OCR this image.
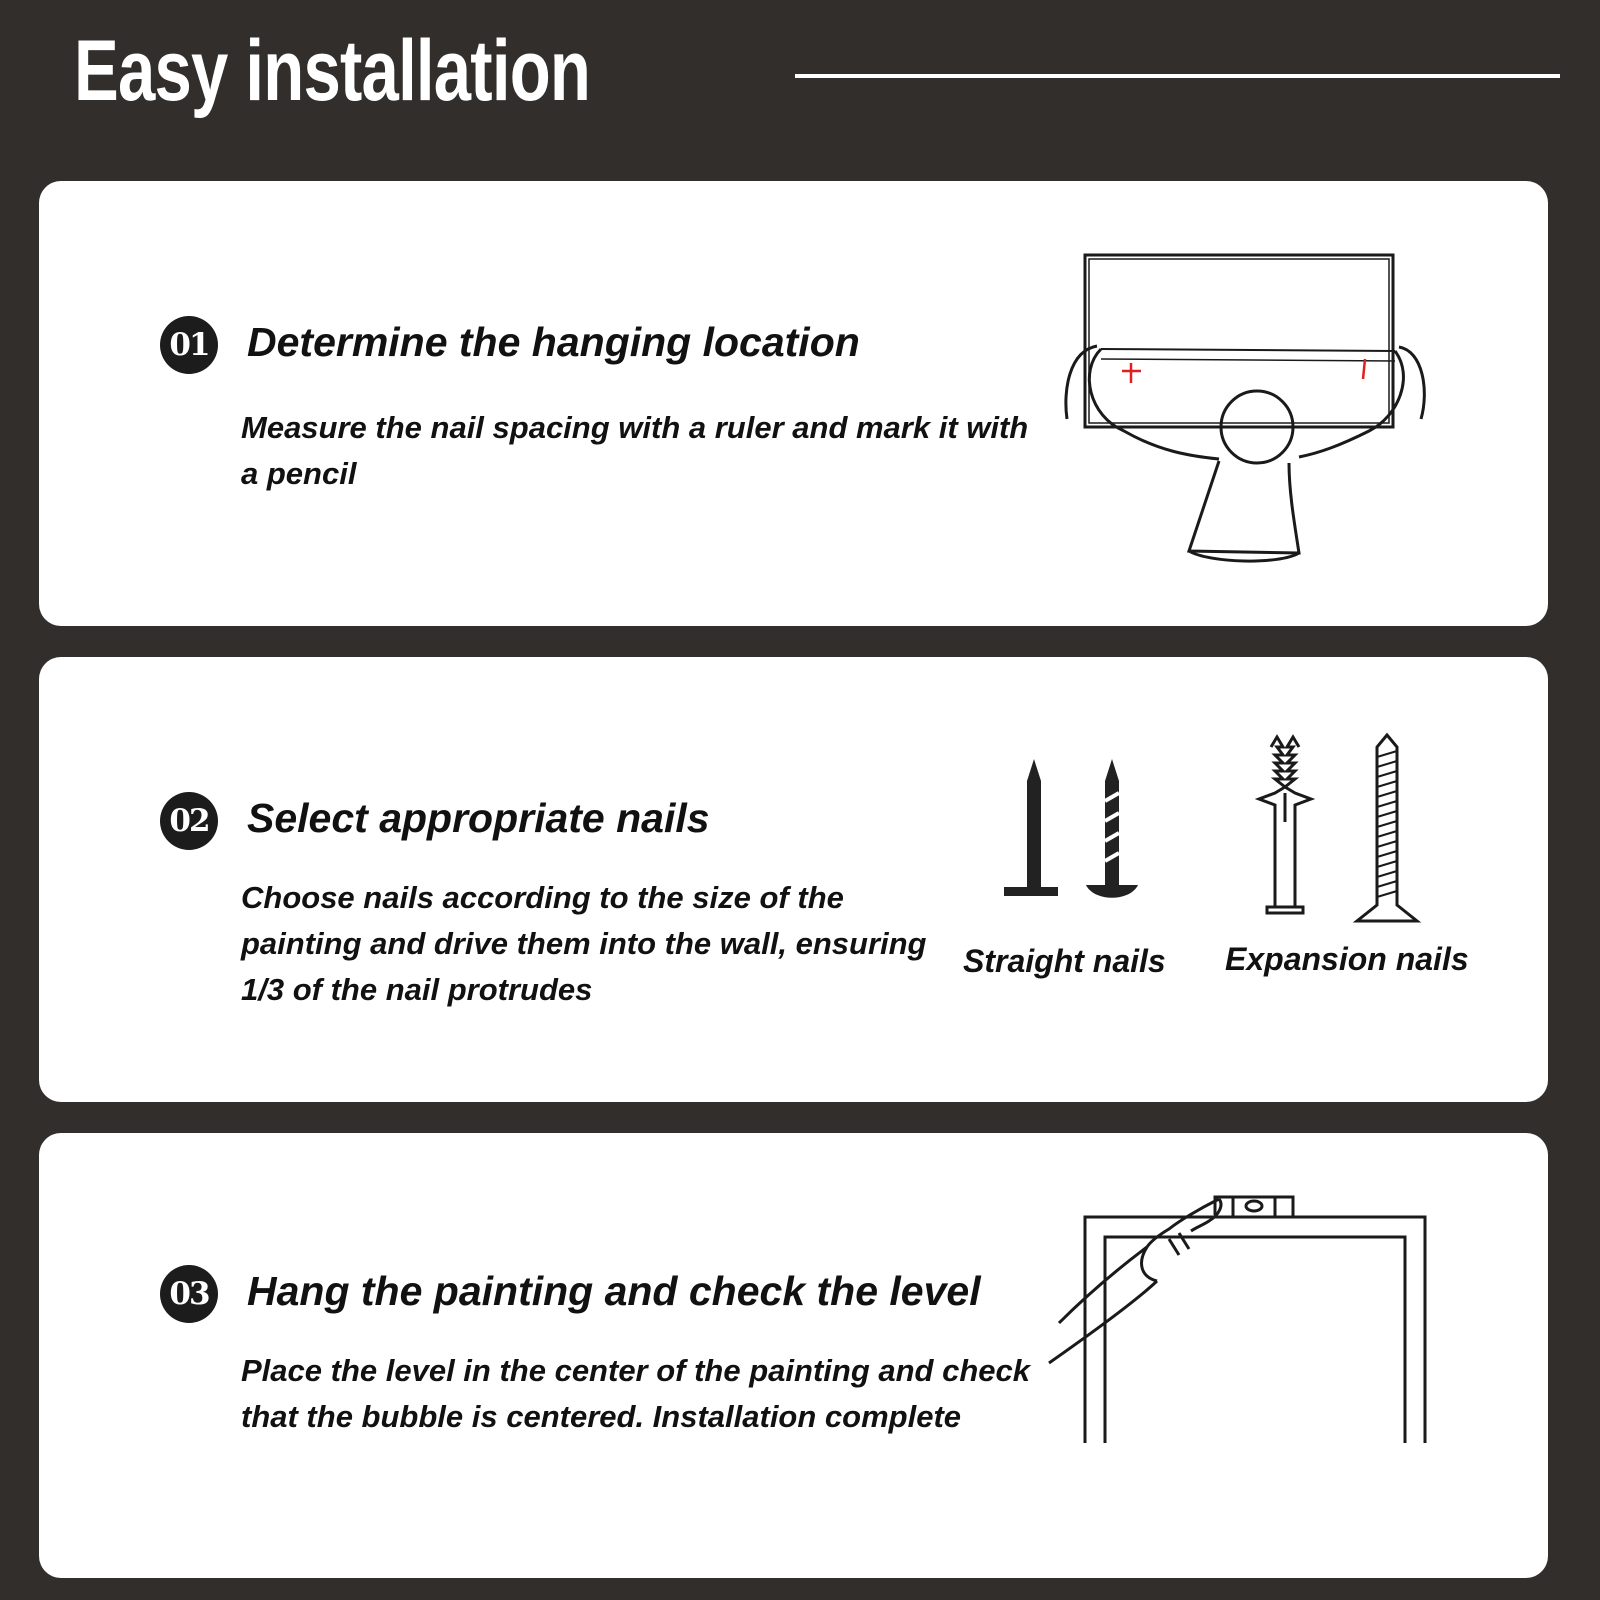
Easy installation
01 Determine the hanging location
Measure the nail spacing with a ruler and mark it with a pencil
02 Select appropriate nails
Choose nails according to the size of the painting and drive them into the wall, ensuring 1/3 of the nail protrudes
Straight nails Expansion nails
03 Hang the painting and check the level
Place the level in the center of the painting and check that the bubble is centered. Installation complete
